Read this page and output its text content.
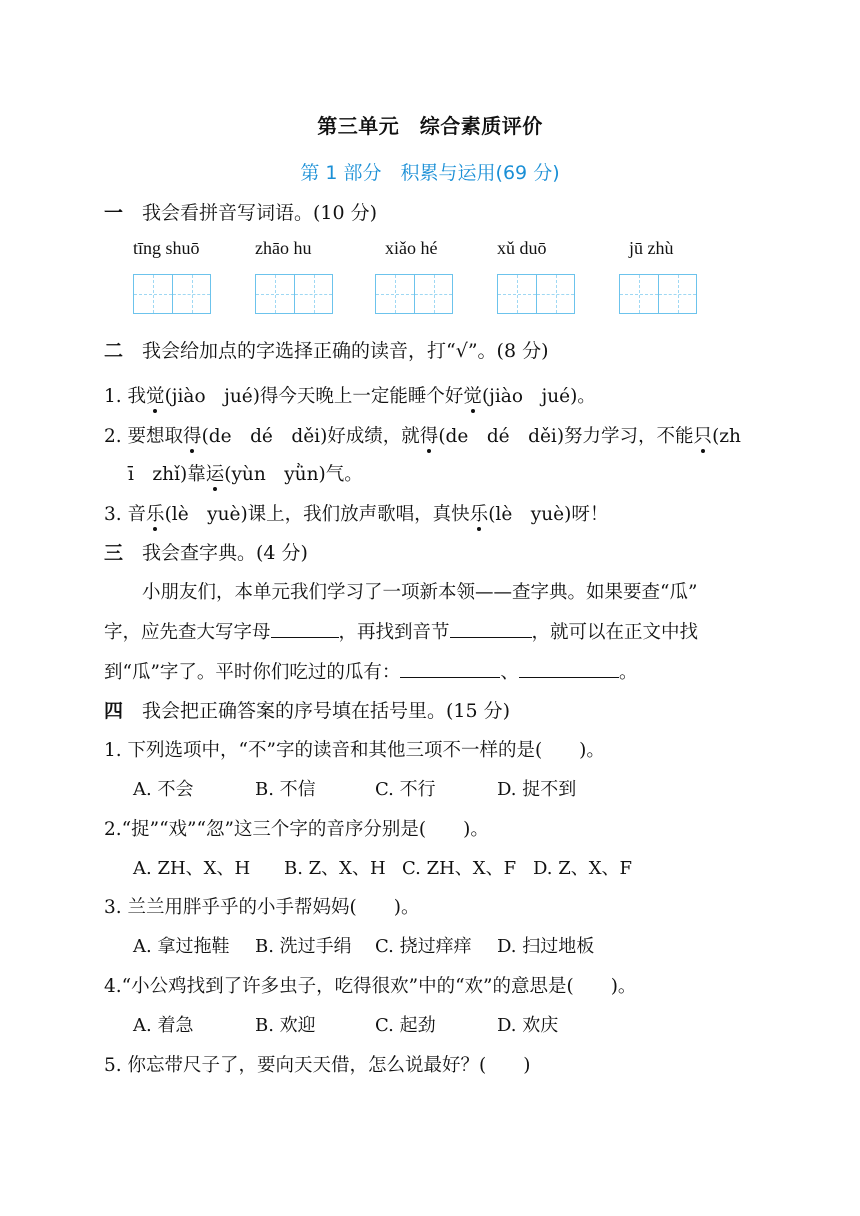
第三单元　综合素质评价
第 1 部分　积累与运用(69 分)
一 我会看拼音写词语。(10 分)
tīng shuō	zhāo hu	xiǎo hé	xǔ duō	jū zhù
二 我会给加点的字选择正确的读音，打“√”。(8 分)
1. 我觉(jiào　jué)得今天晚上一定能睡个好觉(jiào　jué)。
2. 要想取得(de　dé　děi)好成绩，就得(de　dé　děi)努力学习，不能只(zh
ī　zhǐ)靠运(yùn　yǜn)气。
3. 音乐(lè　yuè)课上，我们放声歌唱，真快乐(lè　yuè)呀！
三 我会查字典。(4 分)
小朋友们，本单元我们学习了一项新本领——查字典。如果要查“瓜”
字，应先查大写字母	，再找到音节	，就可以在正文中找
到“瓜”字了。平时你们吃过的瓜有：	、	。
四 我会把正确答案的序号填在括号里。(15 分)
1. 下列选项中，“不”字的读音和其他三项不一样的是(　　)。
A. 不会	B. 不信	C. 不行	D. 捉不到
2.“捉”“戏”“忽”这三个字的音序分别是(　　)。
A. ZH、X、H B. Z、X、H C. ZH、X、F D. Z、X、F
3. 兰兰用胖乎乎的小手帮妈妈(　　)。
A. 拿过拖鞋 B. 洗过手绢 C. 挠过痒痒 D. 扫过地板
4.“小公鸡找到了许多虫子，吃得很欢”中的“欢”的意思是(　　)。
A. 着急	B. 欢迎	C. 起劲	D. 欢庆
5. 你忘带尺子了，要向天天借，怎么说最好？(　　)
